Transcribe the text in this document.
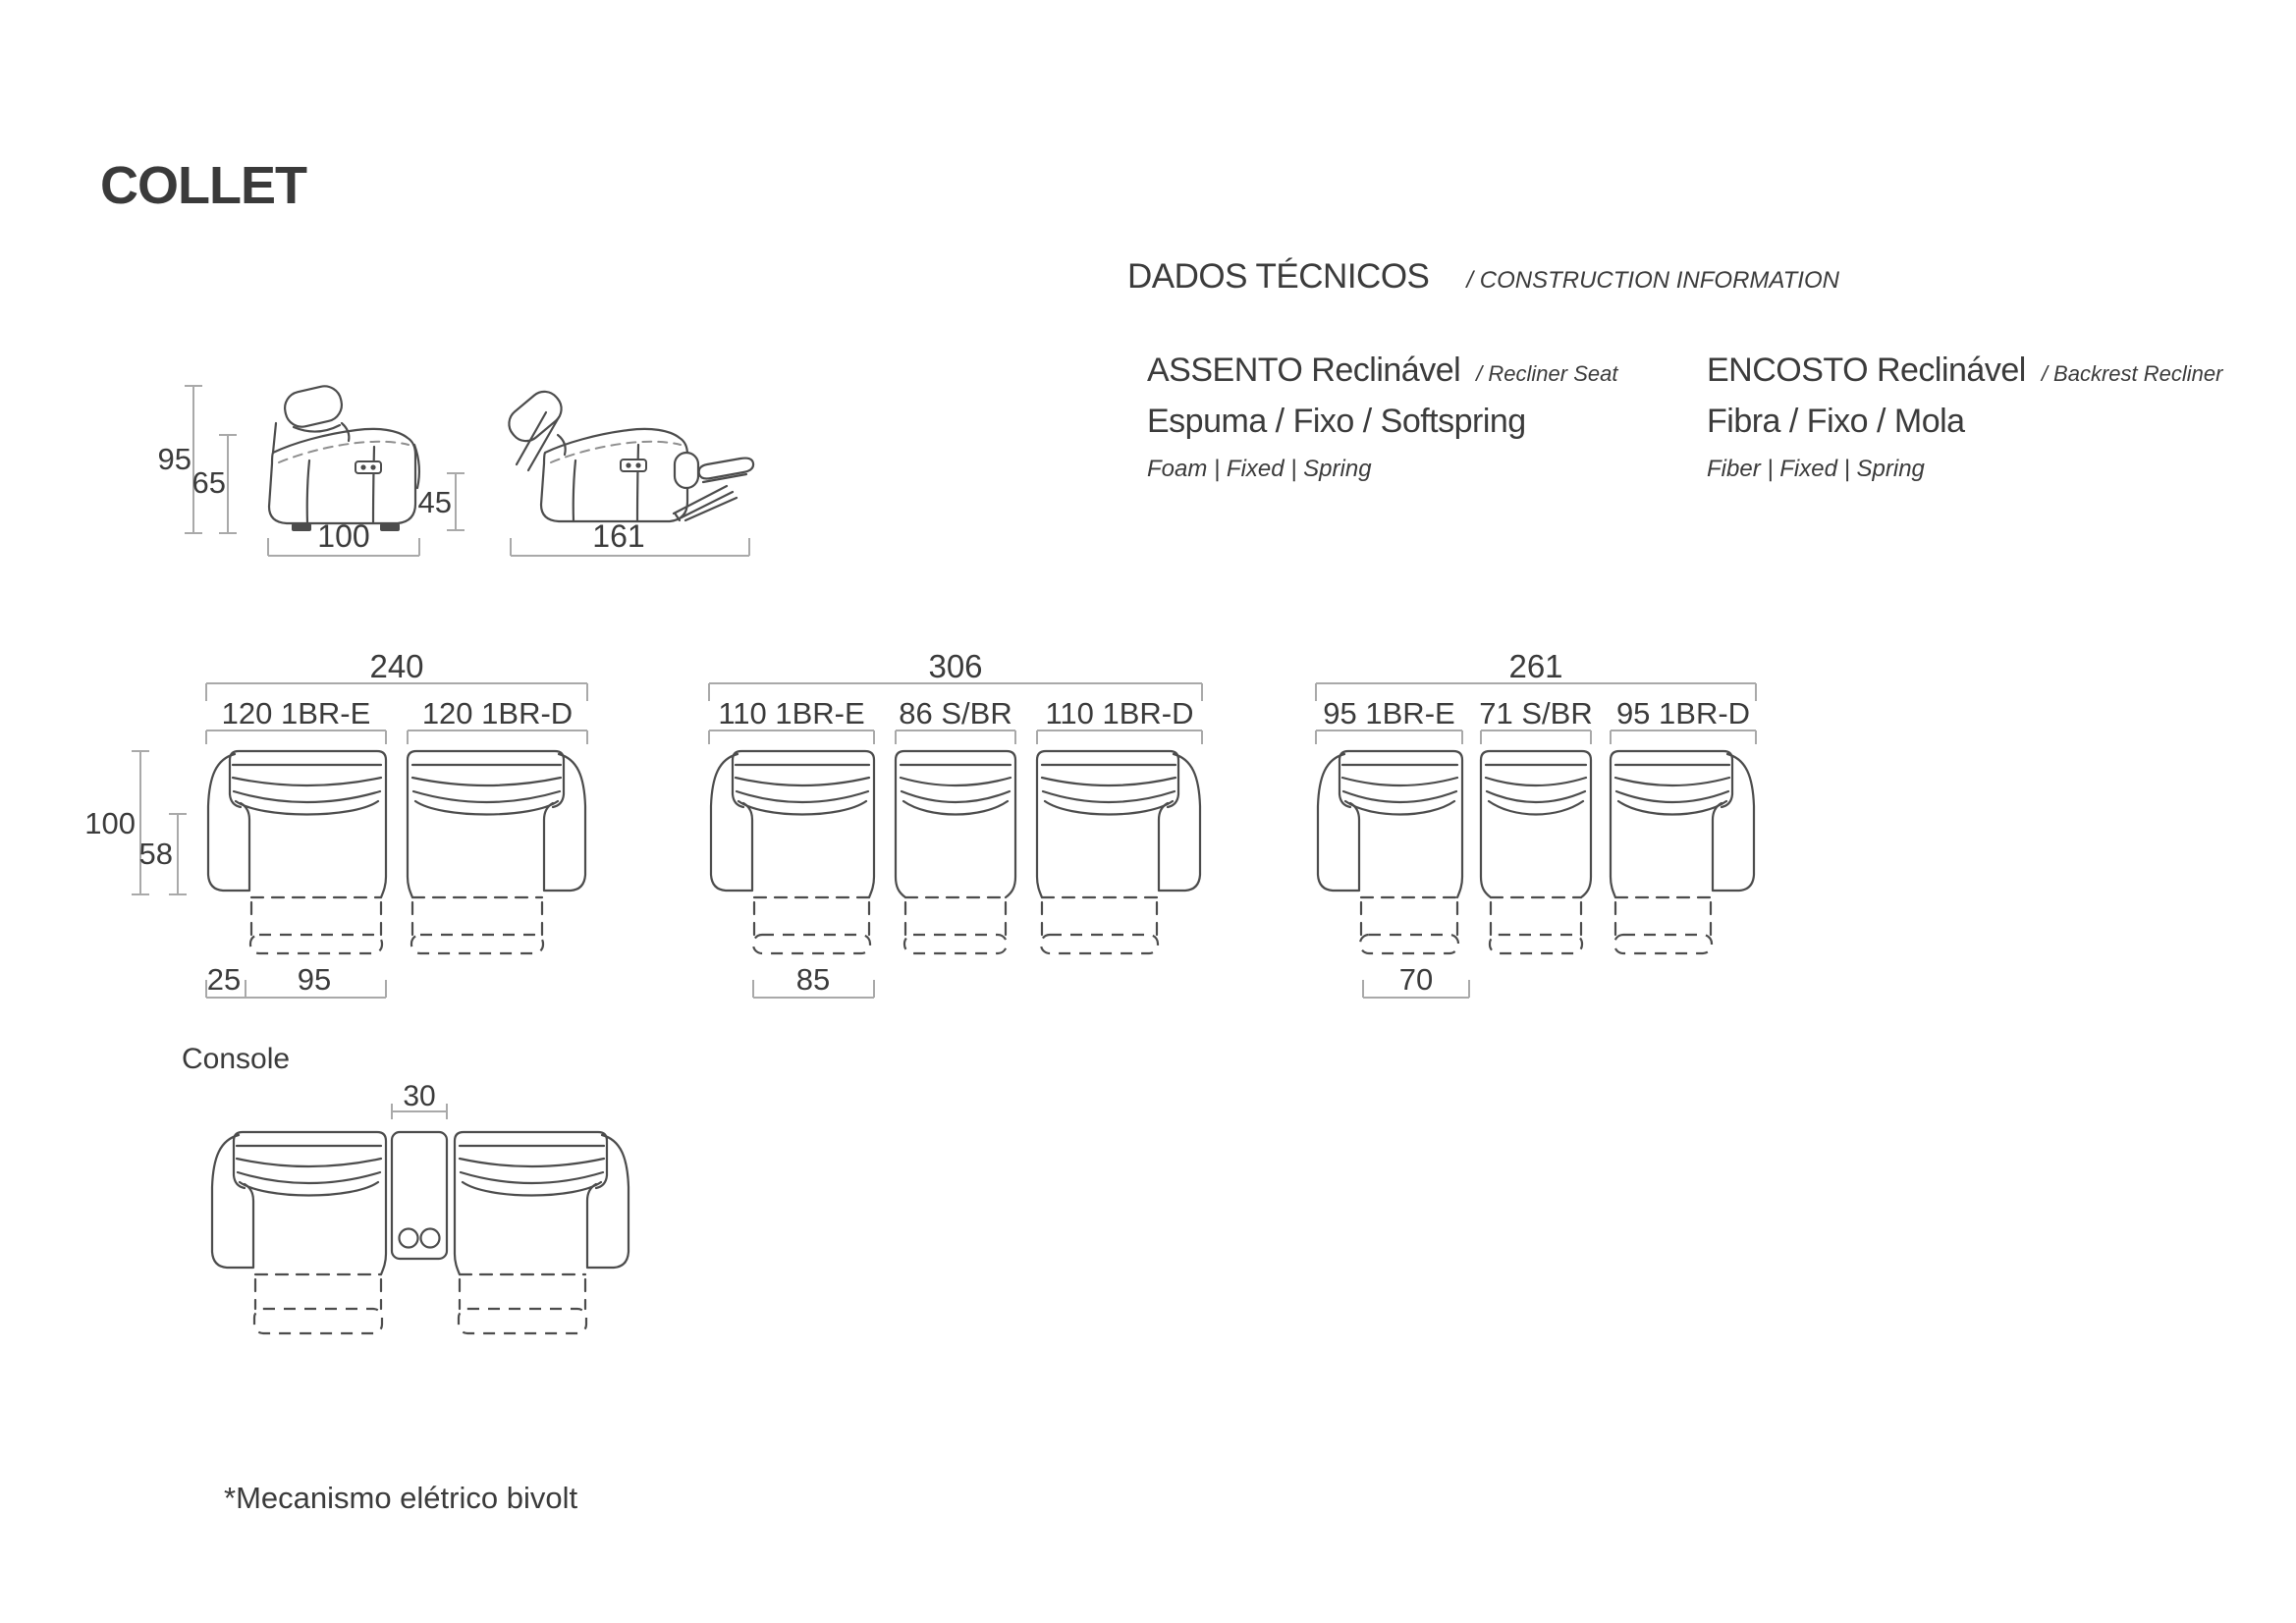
95
65
45
100	161
240
120 1BR-E 120 1BR-D
100
58
25 95
306
110 1BR-E 86 S/BR 110 1BR-D
85
261
95 1BR-E 71 S/BR 95 1BR-D
70
30
COLLET
DADOS TÉCNICOS / CONSTRUCTION INFORMATION
ASSENTO Reclinável / Recliner Seat
Espuma / Fixo / Softspring
Foam | Fixed | Spring
ENCOSTO Reclinável / Backrest Recliner
Fibra / Fixo / Mola
Fiber | Fixed | Spring
Console
*Mecanismo elétrico bivolt
